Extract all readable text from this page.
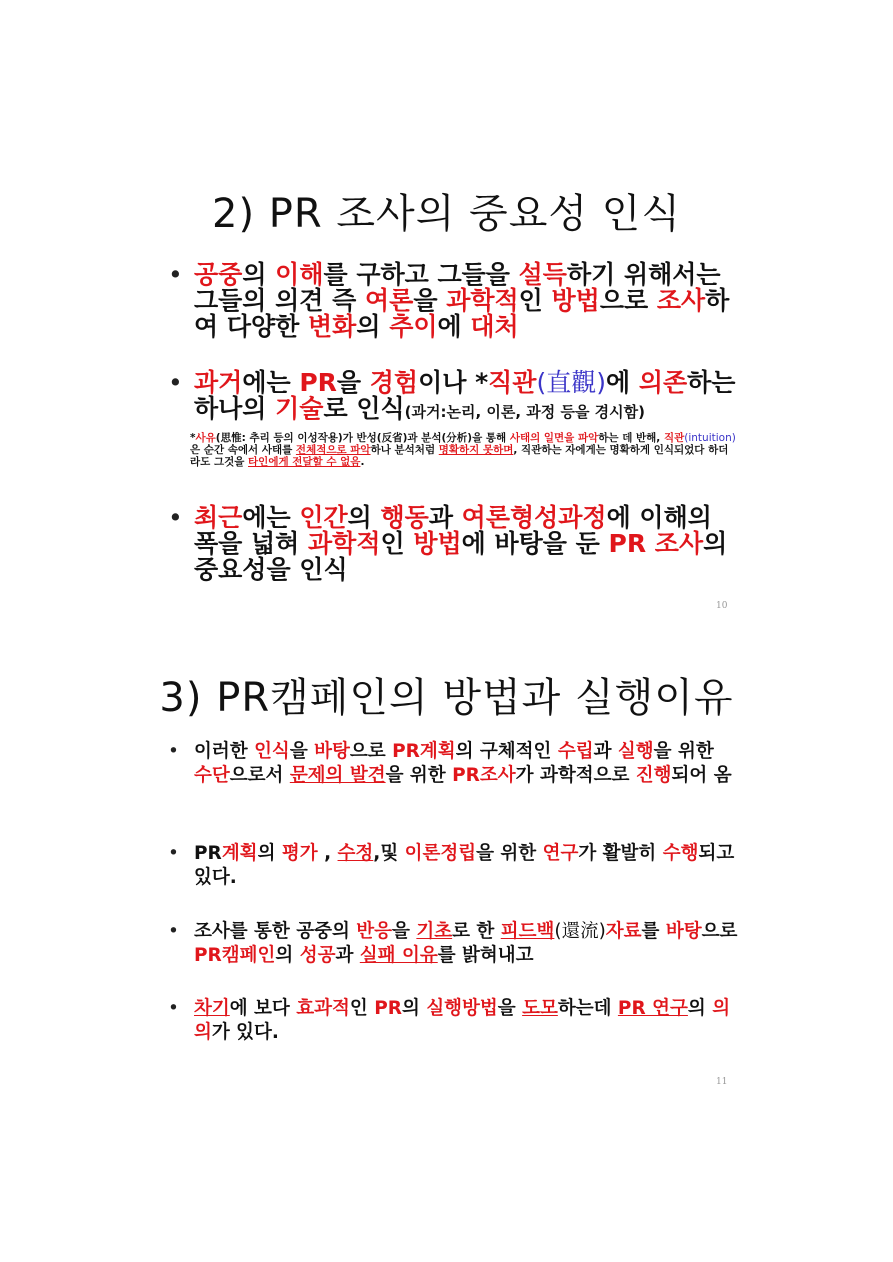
2) PR 조사의 중요성 인식
• 공중의 이해를 구하고 그들을 설득하기 위해서는 그들의 의견 즉 여론을 과학적인 방법으로 조사하여 다양한 변화의 추이에 대처
• 과거에는 PR을 경험이나 *직관(直觀)에 의존하는 하나의 기술로 인식(과거:논리, 이론, 과정 등을 경시함)
*사유(思惟: 추리 등의 이성작용)가 반성(反省)과 분석(分析)을 통해 사태의 일면을 파악하는 데 반해, 직관(intuition)은 순간 속에서 사태를 전체적으로 파악하나 분석처럼 명확하지 못하며, 직관하는 자에게는 명확하게 인식되었다 하더라도 그것을 타인에게 전달할 수 없음.
• 최근에는 인간의 행동과 여론형성과정에 이해의 폭을 넓혀 과학적인 방법에 바탕을 둔 PR 조사의 중요성을 인식
10
3) PR캠페인의 방법과 실행이유
• 이러한 인식을 바탕으로 PR계획의 구체적인 수립과 실행을 위한 수단으로서 문제의 발견을 위한 PR조사가 과학적으로 진행되어 옴
• PR계획의 평가 , 수정,및 이론정립을 위한 연구가 활발히 수행되고 있다.
• 조사를 통한 공중의 반응을 기초로 한 피드백(還流)자료를 바탕으로 PR캠페인의 성공과 실패 이유를 밝혀내고
• 차기에 보다 효과적인 PR의 실행방법을 도모하는데 PR 연구의 의의가 있다.
11
